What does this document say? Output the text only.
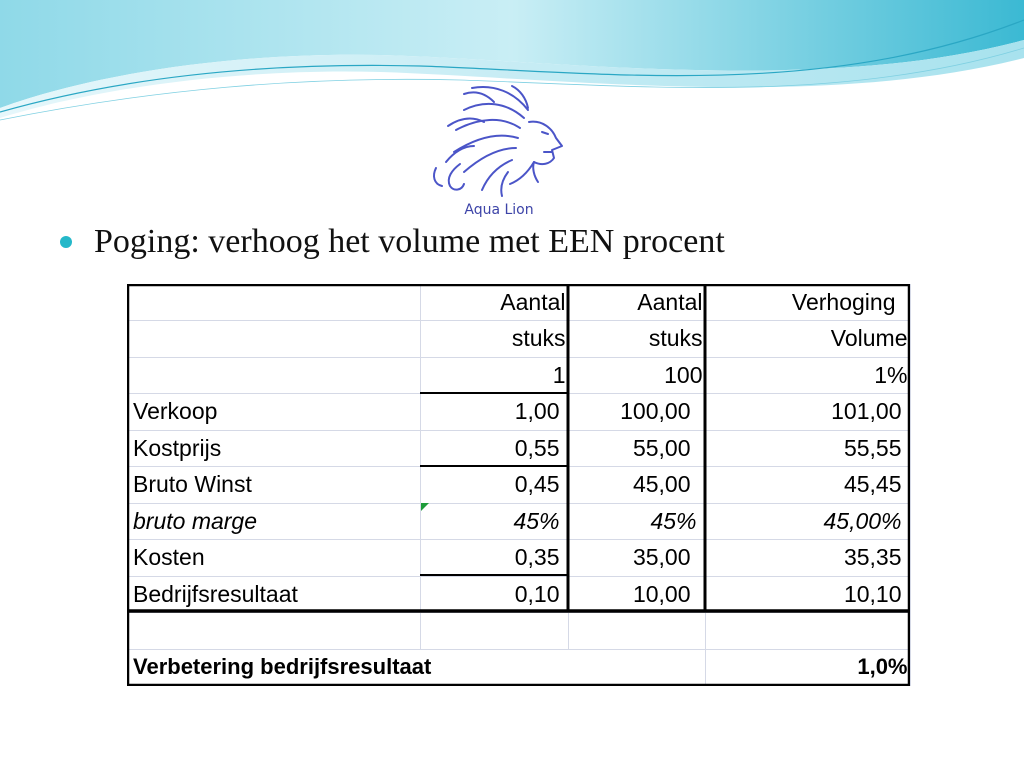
Aqua Lion
Poging: verhoog het volume met EEN procent
	Aantal	Aantal	Verhoging
	stuks	stuks	Volume
	1	100	1%
Verkoop	1,00	100,00	101,00
Kostprijs	0,55	55,00	55,55
Bruto Winst	0,45	45,00	45,45
bruto marge	45%	45%	45,00%
Kosten	0,35	35,00	35,35
Bedrijfsresultaat	0,10	10,00	10,10

Verbetering bedrijfsresultaat			1,0%
